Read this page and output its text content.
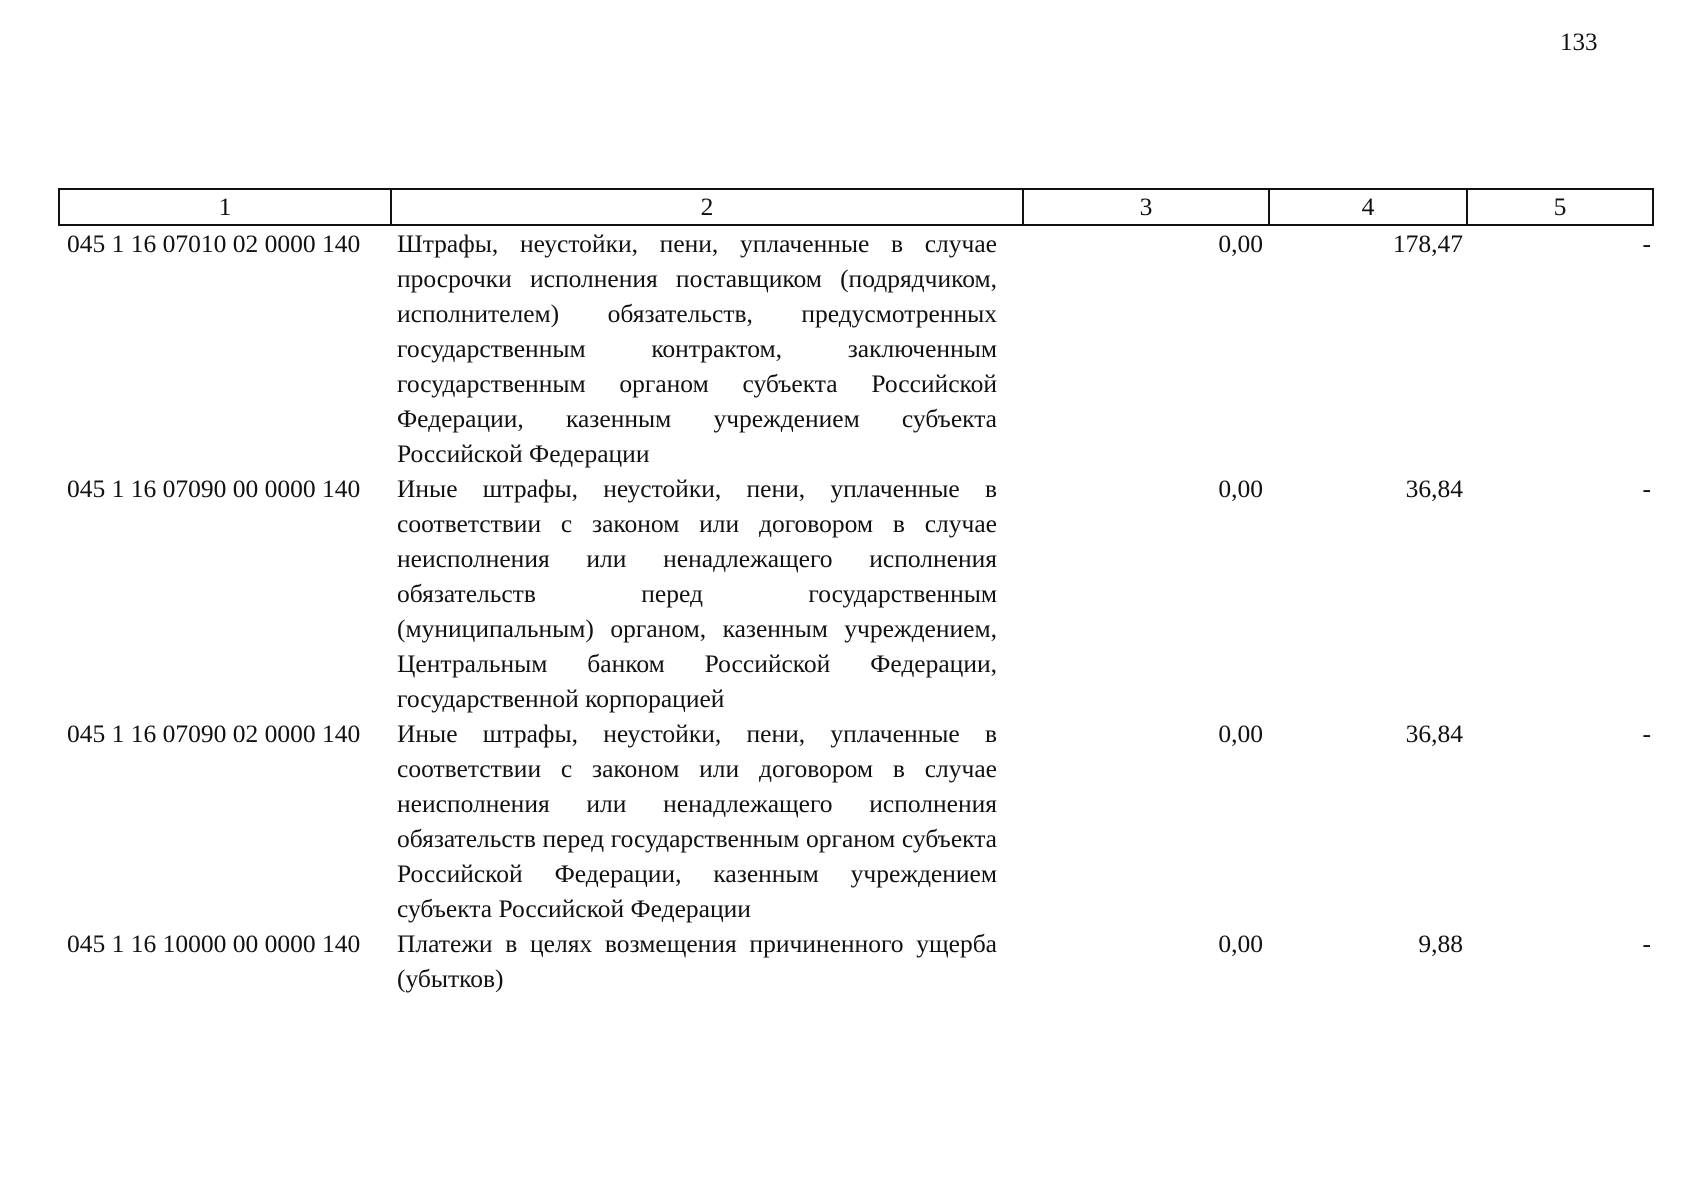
133
1	2	3	4	5
045 1 16 07010 02 0000 140	Штрафы, неустойки, пени, уплаченные в случае просрочки исполнения поставщиком (подрядчиком, исполнителем) обязательств, предусмотренных государственным контрактом, заключенным государственным органом субъекта Российской Федерации, казенным учреждением субъекта Российской Федерации	0,00	178,47	-
045 1 16 07090 00 0000 140	Иные штрафы, неустойки, пени, уплаченные в соответствии с законом или договором в случае неисполнения или ненадлежащего исполнения обязательств перед государственным (муниципальным) органом, казенным учреждением, Центральным банком Российской Федерации, государственной корпорацией	0,00	36,84	-
045 1 16 07090 02 0000 140	Иные штрафы, неустойки, пени, уплаченные в соответствии с законом или договором в случае неисполнения или ненадлежащего исполнения обязательств перед государственным органом субъекта Российской Федерации, казенным учреждением субъекта Российской Федерации	0,00	36,84	-
045 1 16 10000 00 0000 140	Платежи в целях возмещения причиненного ущерба (убытков)	0,00	9,88	-
